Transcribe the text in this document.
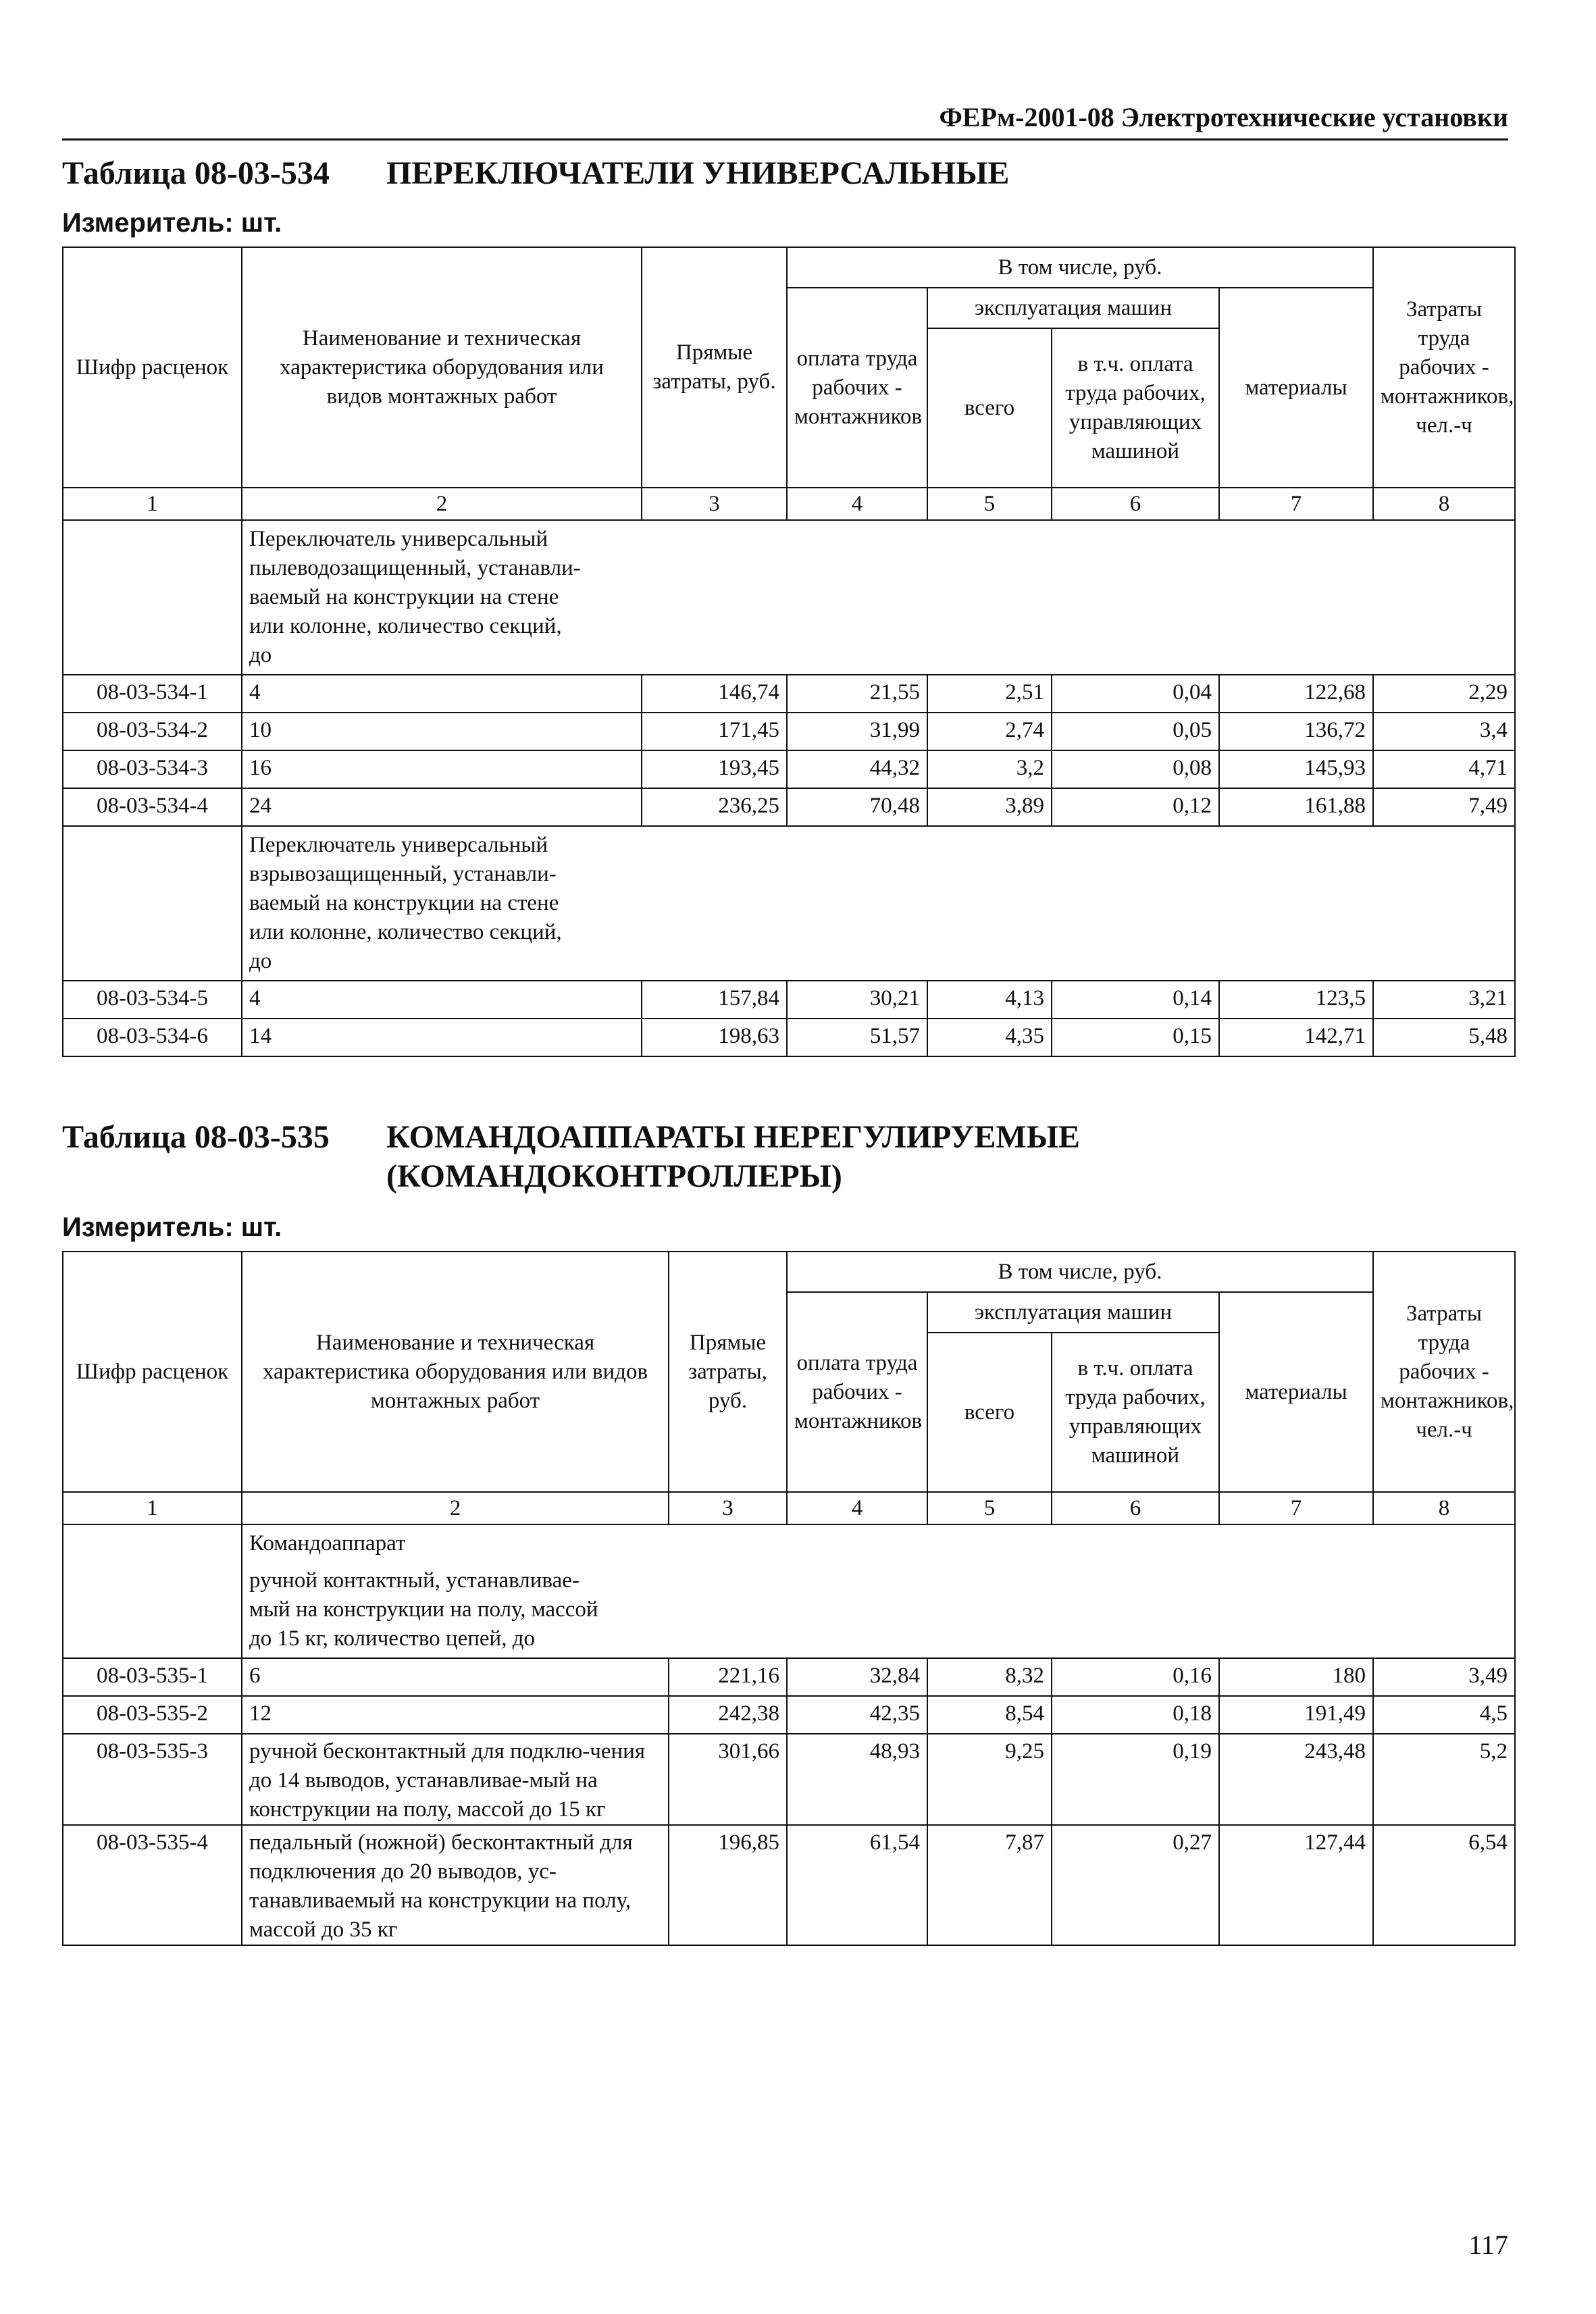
ФЕРм-2001-08 Электротехнические установки
Таблица 08-03-534 ПЕРЕКЛЮЧАТЕЛИ УНИВЕРСАЛЬНЫЕ
Измеритель: шт.
Шифр расценок	Наименование и техническая характеристика оборудования или видов монтажных работ	Прямые затраты, руб.	В том числе, руб.				Затраты труда рабочих - монтажников, чел.-ч
			оплата труда рабочих - монтажников	эксплуатация машин		материалы	
				всего	в т.ч. оплата труда рабочих, управляющих машиной		
1	2	3	4	5	6	7	8

	Переключатель универсальный
пылеводозащищенный, устанавли-
ваемый на конструкции на стене
или колонне, количество секций,
до						

08-03-534-1	4	146,74	21,55	2,51	0,04	122,68	2,29
08-03-534-2	10	171,45	31,99	2,74	0,05	136,72	3,4
08-03-534-3	16	193,45	44,32	3,2	0,08	145,93	4,71
08-03-534-4	24	236,25	70,48	3,89	0,12	161,88	7,49

	Переключатель универсальный
взрывозащищенный, устанавли-
ваемый на конструкции на стене
или колонне, количество секций,
до						

08-03-534-5	4	157,84	30,21	4,13	0,14	123,5	3,21
08-03-534-6	14	198,63	51,57	4,35	0,15	142,71	5,48
Таблица 08-03-535 КОМАНДОАППАРАТЫ НЕРЕГУЛИРУЕМЫЕ
(КОМАНДОКОНТРОЛЛЕРЫ)
Измеритель: шт.
Шифр расценок	Наименование и техническая характеристика оборудования или видов монтажных работ	Прямые затраты, руб.	В том числе, руб.				Затраты труда рабочих - монтажников, чел.-ч
			оплата труда рабочих - монтажников	эксплуатация машин		материалы	
				всего	в т.ч. оплата труда рабочих, управляющих машиной		
1	2	3	4	5	6	7	8

	Командоаппарат
ручной контактный, устанавливае-
мый на конструкции на полу, массой
до 15 кг, количество цепей, до						

08-03-535-1	6	221,16	32,84	8,32	0,16	180	3,49
08-03-535-2	12	242,38	42,35	8,54	0,18	191,49	4,5
08-03-535-3	ручной бесконтактный для подклю-чения до 14 выводов, устанавливае-мый на конструкции на полу, массой до 15 кг	301,66	48,93	9,25	0,19	243,48	5,2
08-03-535-4	педальный (ножной) бесконтактный для подключения до 20 выводов, ус-танавливаемый на конструкции на полу, массой до 35 кг	196,85	61,54	7,87	0,27	127,44	6,54
117
